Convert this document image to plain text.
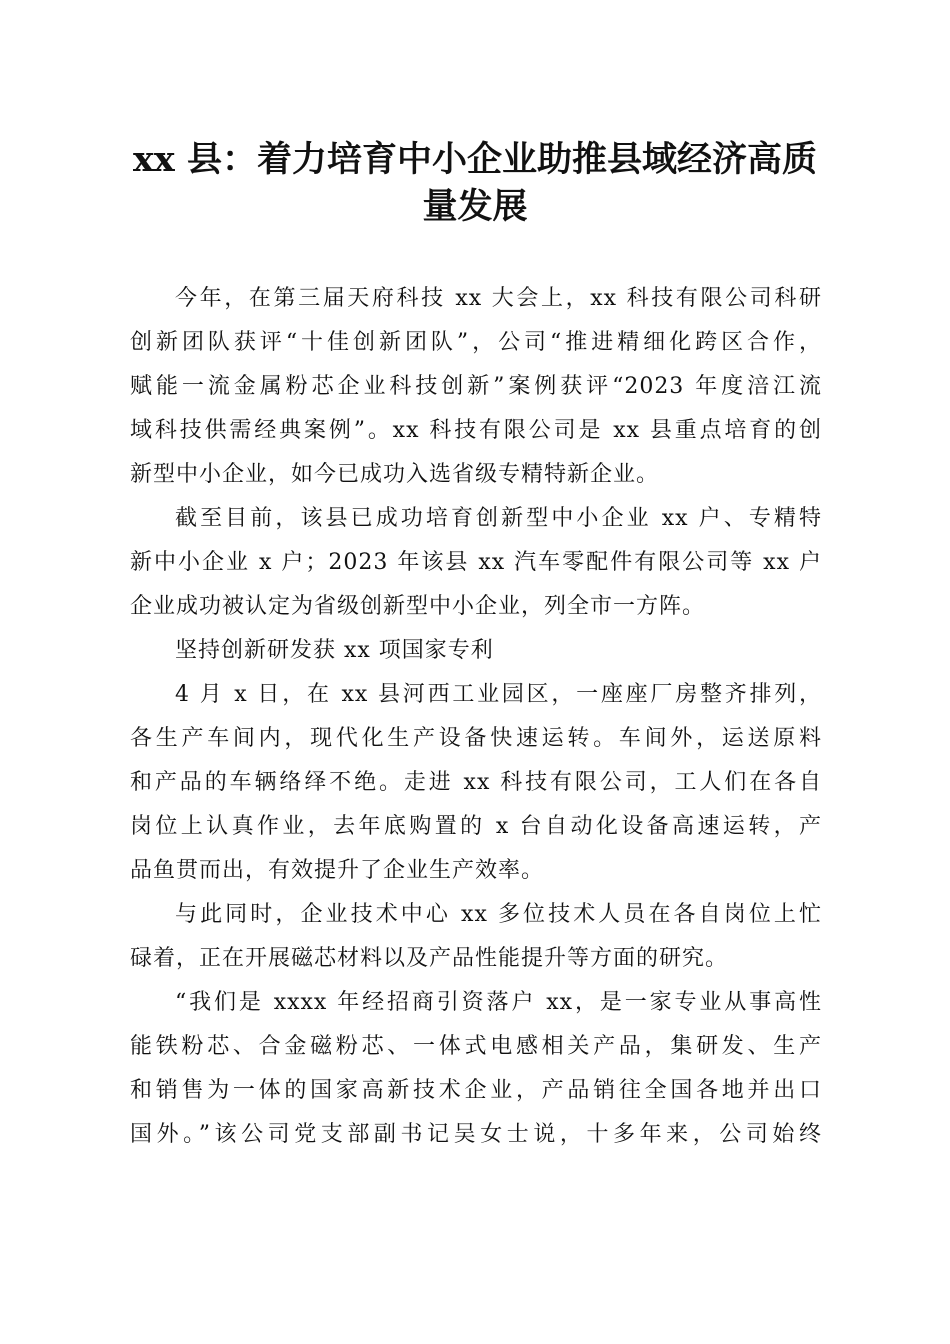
xx 县：着力培育中小企业助推县域经济高质
量发展
今年，在第三届天府科技 xx 大会上，xx 科技有限公司科研
创新团队获评“十佳创新团队”，公司“推进精细化跨区合作，
赋能一流金属粉芯企业科技创新”案例获评“2023 年度涪江流
域科技供需经典案例”。xx 科技有限公司是 xx 县重点培育的创
新型中小企业，如今已成功入选省级专精特新企业。
截至目前，该县已成功培育创新型中小企业 xx 户、专精特
新中小企业 x 户；2023 年该县 xx 汽车零配件有限公司等 xx 户
企业成功被认定为省级创新型中小企业，列全市一方阵。
坚持创新研发获 xx 项国家专利
4 月 x 日，在 xx 县河西工业园区，一座座厂房整齐排列，
各生产车间内，现代化生产设备快速运转。车间外，运送原料
和产品的车辆络绎不绝。走进 xx 科技有限公司，工人们在各自
岗位上认真作业，去年底购置的 x 台自动化设备高速运转，产
品鱼贯而出，有效提升了企业生产效率。
与此同时，企业技术中心 xx 多位技术人员在各自岗位上忙
碌着，正在开展磁芯材料以及产品性能提升等方面的研究。
“我们是 xxxx 年经招商引资落户 xx，是一家专业从事高性
能铁粉芯、合金磁粉芯、一体式电感相关产品，集研发、生产
和销售为一体的国家高新技术企业，产品销往全国各地并出口
国外。”该公司党支部副书记吴女士说，十多年来，公司始终
